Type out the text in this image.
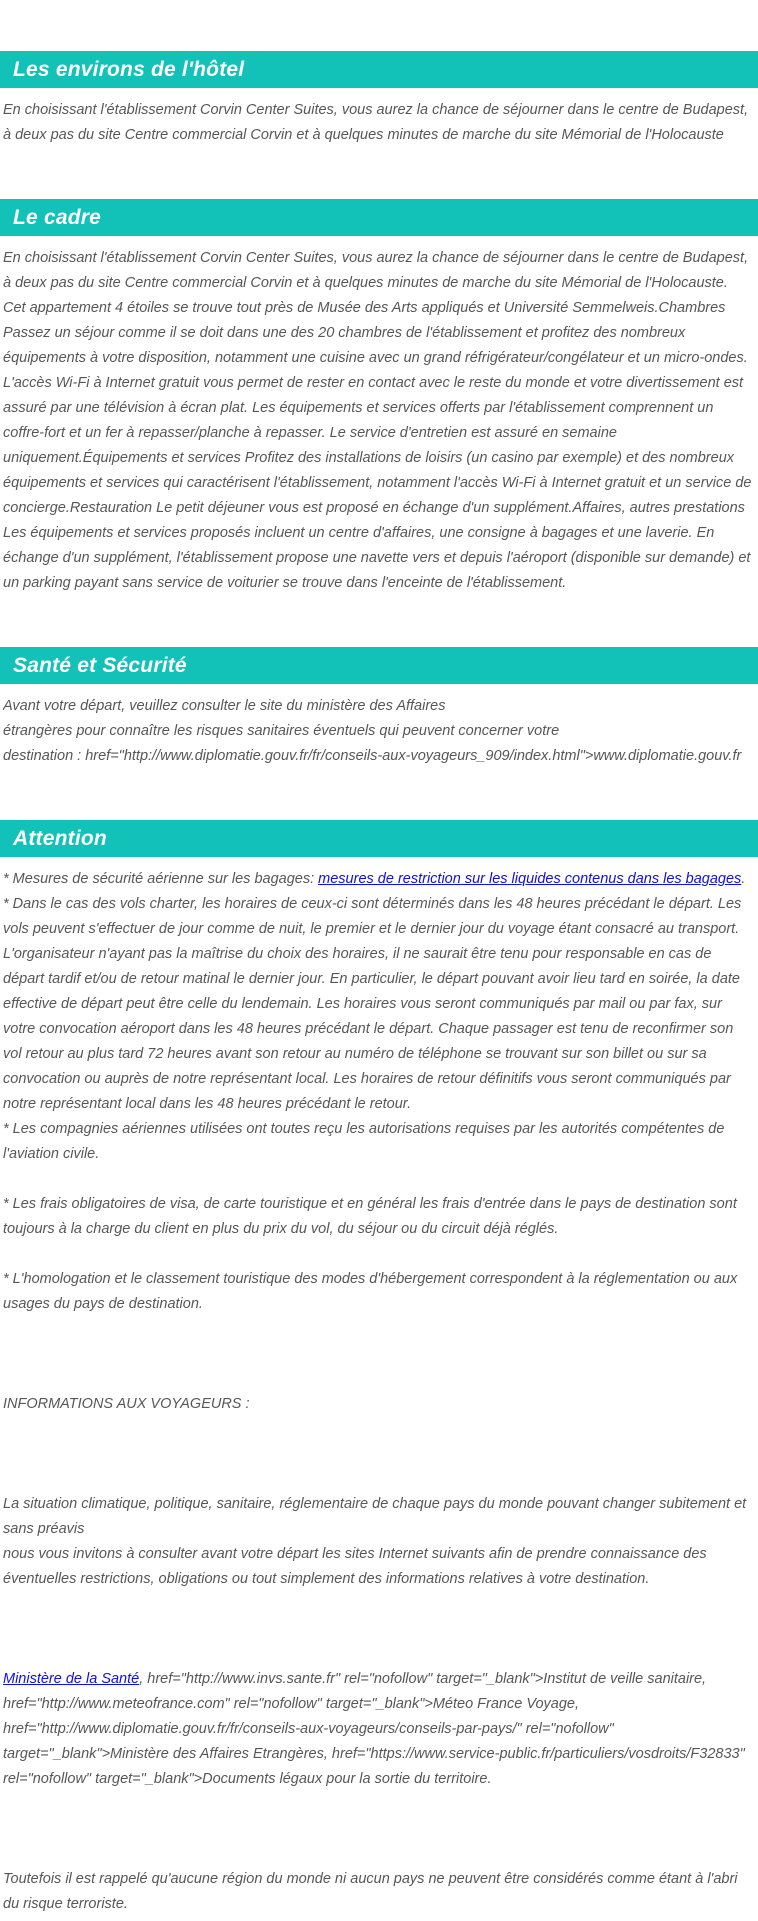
Les environs de l'hôtel

En choisissant l'établissement Corvin Center Suites, vous aurez la chance de séjourner dans le centre de Budapest, à deux pas du site Centre commercial Corvin et à quelques minutes de marche du site Mémorial de l'Holocauste

Le cadre

En choisissant l'établissement Corvin Center Suites, vous aurez la chance de séjourner dans le centre de Budapest, à deux pas du site Centre commercial Corvin et à quelques minutes de marche du site Mémorial de l'Holocauste. Cet appartement 4 étoiles se trouve tout près de Musée des Arts appliqués et Université Semmelweis.Chambres Passez un séjour comme il se doit dans une des 20 chambres de l'établissement et profitez des nombreux équipements à votre disposition, notamment une cuisine avec un grand réfrigérateur/congélateur et un micro-ondes. L'accès Wi-Fi à Internet gratuit vous permet de rester en contact avec le reste du monde et votre divertissement est assuré par une télévision à écran plat. Les équipements et services offerts par l'établissement comprennent un coffre-fort et un fer à repasser/planche à repasser. Le service d'entretien est assuré en semaine uniquement.Équipements et services Profitez des installations de loisirs (un casino par exemple) et des nombreux équipements et services qui caractérisent l'établissement, notamment l'accès Wi-Fi à Internet gratuit et un service de concierge.Restauration Le petit déjeuner vous est proposé en échange d'un supplément.Affaires, autres prestations Les équipements et services proposés incluent un centre d'affaires, une consigne à bagages et une laverie. En échange d'un supplément, l'établissement propose une navette vers et depuis l'aéroport (disponible sur demande) et un parking payant sans service de voiturier se trouve dans l'enceinte de l'établissement.

Santé et Sécurité
Avant votre départ, veuillez consulter le site du ministère des Affaires
étrangères pour connaître les risques sanitaires éventuels qui peuvent concerner votre
destination : href="http://www.diplomatie.gouv.fr/fr/conseils-aux-voyageurs_909/index.html">www.diplomatie.gouv.fr
Attention
* Mesures de sécurité aérienne sur les bagages: mesures de restriction sur les liquides contenus dans les bagages.
* Dans le cas des vols charter, les horaires de ceux-ci sont déterminés dans les 48 heures précédant le départ. Les vols peuvent s'effectuer de jour comme de nuit, le premier et le dernier jour du voyage étant consacré au transport. L'organisateur n'ayant pas la maîtrise du choix des horaires, il ne saurait être tenu pour responsable en cas de départ tardif et/ou de retour matinal le dernier jour. En particulier, le départ pouvant avoir lieu tard en soirée, la date effective de départ peut être celle du lendemain. Les horaires vous seront communiqués par mail ou par fax, sur votre convocation aéroport dans les 48 heures précédant le départ. Chaque passager est tenu de reconfirmer son vol retour au plus tard 72 heures avant son retour au numéro de téléphone se trouvant sur son billet ou sur sa convocation ou auprès de notre représentant local. Les horaires de retour définitifs vous seront communiqués par notre représentant local dans les 48 heures précédant le retour.
* Les compagnies aériennes utilisées ont toutes reçu les autorisations requises par les autorités compétentes de l'aviation civile.
* Les frais obligatoires de visa, de carte touristique et en général les frais d'entrée dans le pays de destination sont toujours à la charge du client en plus du prix du vol, du séjour ou du circuit déjà réglés.
* L'homologation et le classement touristique des modes d'hébergement correspondent à la réglementation ou aux usages du pays de destination.
INFORMATIONS AUX VOYAGEURS :
La situation climatique, politique, sanitaire, réglementaire de chaque pays du monde pouvant changer subitement et sans préavis
nous vous invitons à consulter avant votre départ les sites Internet suivants afin de prendre connaissance des éventuelles restrictions, obligations ou tout simplement des informations relatives à votre destination.
Ministère de la Santé, href="http://www.invs.sante.fr" rel="nofollow" target="_blank">Institut de veille sanitaire, href="http://www.meteofrance.com" rel="nofollow" target="_blank">Méteo France Voyage, href="http://www.diplomatie.gouv.fr/fr/conseils-aux-voyageurs/conseils-par-pays/" rel="nofollow" target="_blank">Ministère des Affaires Etrangères, href="https://www.service-public.fr/particuliers/vosdroits/F32833" rel="nofollow" target="_blank">Documents légaux pour la sortie du territoire.
Toutefois il est rappelé qu'aucune région du monde ni aucun pays ne peuvent être considérés comme étant à l'abri du risque terroriste.
